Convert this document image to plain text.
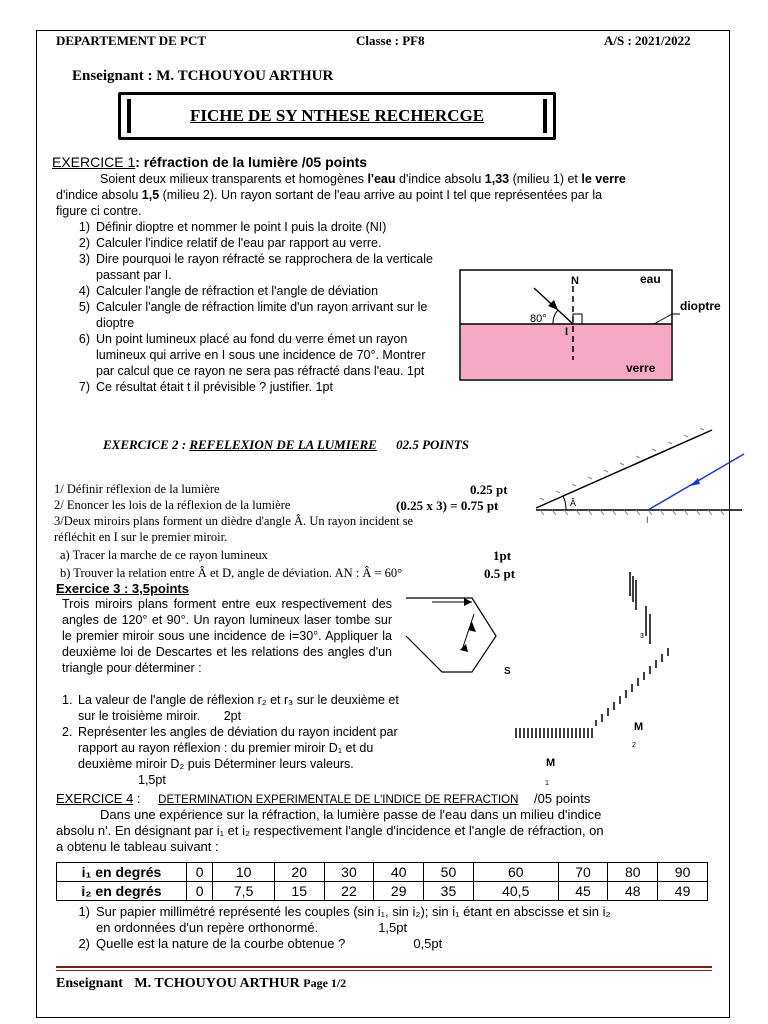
DEPARTEMENT DE PCT	Classe : PF8	A/S : 2021/2022
Enseignant : M. TCHOUYOU ARTHUR
FICHE DE SY NTHESE RECHERCGE
EXERCICE 1: réfraction de la lumière /05 points
Soient deux milieux transparents et homogènes l'eau d'indice absolu 1,33 (milieu 1) et le verre
d'indice absolu 1,5 (milieu 2). Un rayon sortant de l'eau arrive au point I tel que représentées par la
figure ci contre.
1) Définir dioptre et nommer le point I puis la droite (NI)
2) Calculer l'indice relatif de l'eau par rapport au verre.
3) Dire pourquoi le rayon réfracté se rapprochera de la verticale passant par I.
4) Calculer l'angle de réfraction et l'angle de déviation
5) Calculer l'angle de réfraction limite d'un rayon arrivant sur le dioptre
6) Un point lumineux placé au fond du verre émet un rayon lumineux qui arrive en I sous une incidence de 70°. Montrer par calcul que ce rayon ne sera pas réfracté dans l'eau. 1pt
7) Ce résultat était t il prévisible ? justifier. 1pt
N
I
80°
eau
verre
dioptre
EXERCICE 2 : REFELEXION DE LA LUMIERE 02.5 POINTS
1/ Définir réflexion de la lumière	0.25 pt
2/ Enoncer les lois de la réflexion de la lumière	(0.25 x 3) = 0.75 pt
3/Deux miroirs plans forment un dièdre d'angle Â. Un rayon incident se
réfléchit en I sur le premier miroir.
a) Tracer la marche de ce rayon lumineux	1pt
b) Trouver la relation entre Â et D, angle de déviation. AN : Â = 60°	0.5 pt
Â
I
Exercice 3 : 3,5points
Trois miroirs plans forment entre eux respectivement des angles de 120° et 90°. Un rayon lumineux laser tombe sur le premier miroir sous une incidence de i=30°. Appliquer la deuxième loi de Descartes et les relations des angles d'un triangle pour déterminer :
1. La valeur de l'angle de réflexion r₂ et r₃ sur le deuxième et sur le troisième miroir. 2pt
2. Représenter les angles de déviation du rayon incident par rapport au rayon réflexion : du premier miroir D₁ et du deuxième miroir D₂ puis Déterminer leurs valeurs. 1,5pt
S
M
2
M
1
3
EXERCICE 4 : DETERMINATION EXPERIMENTALE DE L'INDICE DE REFRACTION /05 points
Dans une expérience sur la réfraction, la lumière passe de l'eau dans un milieu d'indice
absolu n'. En désignant par i₁ et i₂ respectivement l'angle d'incidence et l'angle de réfraction, on
a obtenu le tableau suivant :
i₁ en degrés	0	10	20	30	40	50	60	70	80	90
i₂ en degrés	0	7,5	15	22	29	35	40,5	45	48	49
1) Sur papier millimétré représenté les couples (sin i₁, sin i₂); sin i₁ étant en abscisse et sin i₂
en ordonnées d'un repère orthonormé.	1,5pt
2) Quelle est la nature de la courbe obtenue ?	0,5pt
Enseignant M. TCHOUYOU ARTHUR Page 1/2
